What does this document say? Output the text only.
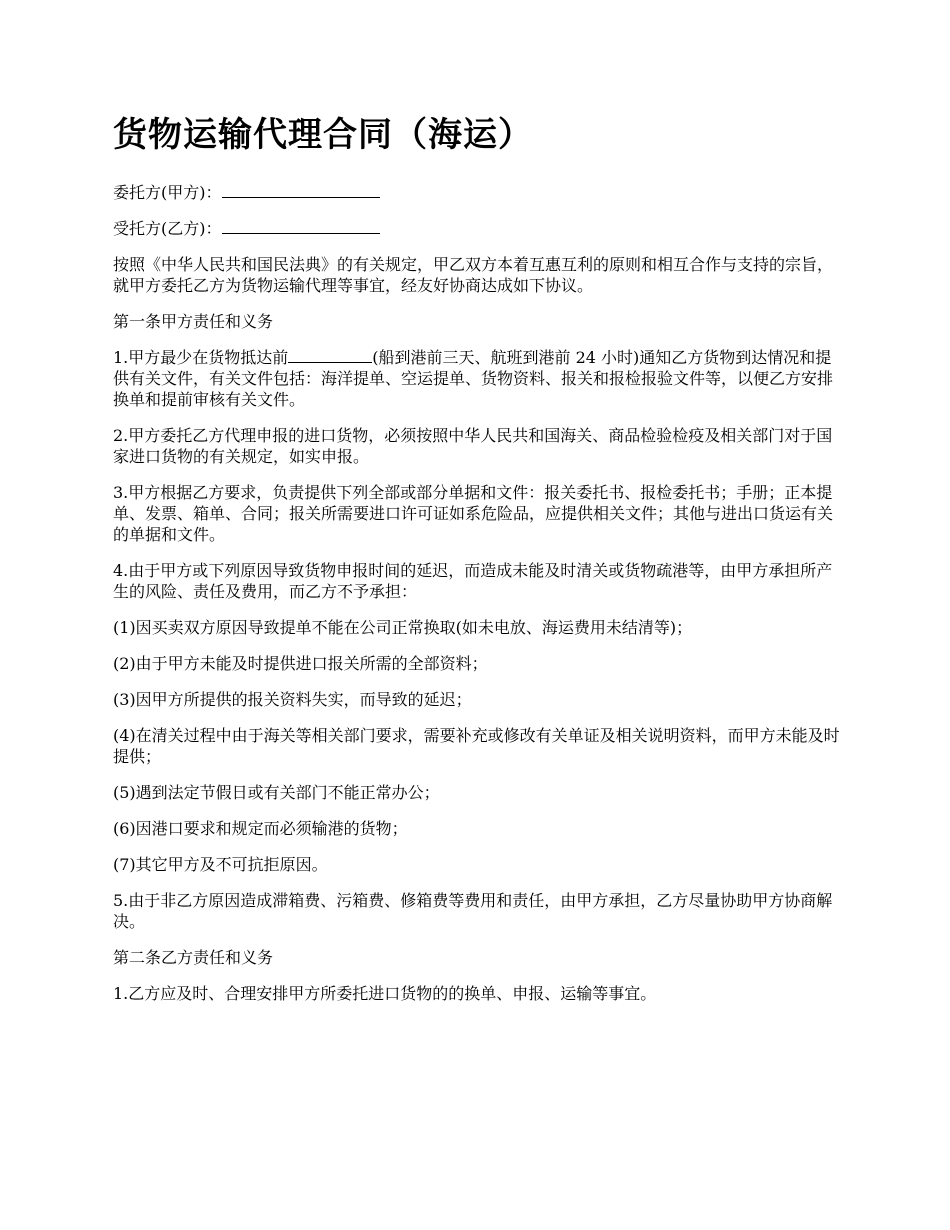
货物运输代理合同（海运）

委托方(甲方)：

受托方(乙方)：

按照《中华人民共和国民法典》的有关规定，甲乙双方本着互惠互利的原则和相互合作与支持的宗旨，就甲方委托乙方为货物运输代理等事宜，经友好协商达成如下协议。

第一条甲方责任和义务

1.甲方最少在货物抵达前	(船到港前三天、航班到港前 24 小时)通知乙方货物到达情况和提供有关文件，有关文件包括：海洋提单、空运提单、货物资料、报关和报检报验文件等，以便乙方安排换单和提前审核有关文件。

2.甲方委托乙方代理申报的进口货物，必须按照中华人民共和国海关、商品检验检疫及相关部门对于国家进口货物的有关规定，如实申报。

3.甲方根据乙方要求，负责提供下列全部或部分单据和文件：报关委托书、报检委托书；手册；正本提单、发票、箱单、合同；报关所需要进口许可证如系危险品，应提供相关文件；其他与进出口货运有关的单据和文件。

4.由于甲方或下列原因导致货物申报时间的延迟，而造成未能及时清关或货物疏港等，由甲方承担所产生的风险、责任及费用，而乙方不予承担：

(1)因买卖双方原因导致提单不能在公司正常换取(如未电放、海运费用未结清等)；

(2)由于甲方未能及时提供进口报关所需的全部资料；

(3)因甲方所提供的报关资料失实，而导致的延迟；

(4)在清关过程中由于海关等相关部门要求，需要补充或修改有关单证及相关说明资料，而甲方未能及时提供；

(5)遇到法定节假日或有关部门不能正常办公；

(6)因港口要求和规定而必须输港的货物；

(7)其它甲方及不可抗拒原因。

5.由于非乙方原因造成滞箱费、污箱费、修箱费等费用和责任，由甲方承担，乙方尽量协助甲方协商解决。

第二条乙方责任和义务

1.乙方应及时、合理安排甲方所委托进口货物的的换单、申报、运输等事宜。
